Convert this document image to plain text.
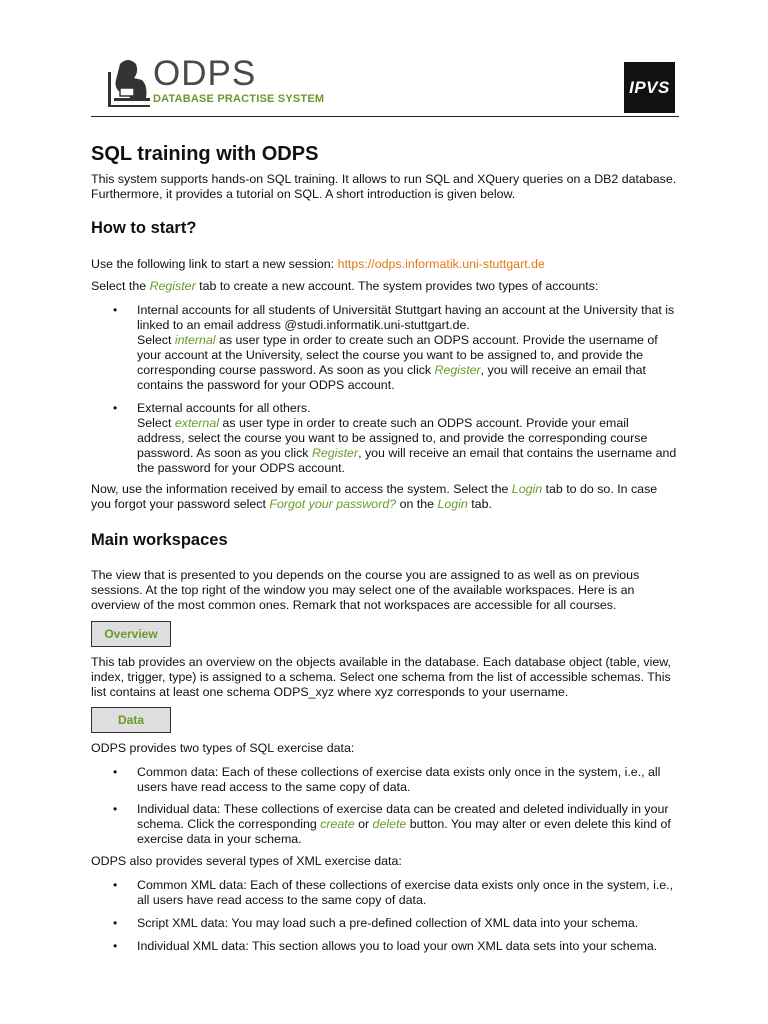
ODPS
DATABASE PRACTISE SYSTEM
IPVS
SQL training with ODPS

This system supports hands-on SQL training. It allows to run SQL and XQuery queries on a DB2 database. Furthermore, it provides a tutorial on SQL. A short introduction is given below.

How to start?

Use the following link to start a new session: https://odps.informatik.uni-stuttgart.de

Select the Register tab to create a new account. The system provides two types of accounts:

• Internal accounts for all students of Universität Stuttgart having an account at the University that is linked to an email address @studi.informatik.uni-stuttgart.de.
Select internal as user type in order to create such an ODPS account. Provide the username of your account at the University, select the course you want to be assigned to, and provide the corresponding course password. As soon as you click Register, you will receive an email that contains the password for your ODPS account.
• External accounts for all others.
Select external as user type in order to create such an ODPS account. Provide your email address, select the course you want to be assigned to, and provide the corresponding course password. As soon as you click Register, you will receive an email that contains the username and the password for your ODPS account.

Now, use the information received by email to access the system. Select the Login tab to do so. In case you forgot your password select Forgot your password? on the Login tab.

Main workspaces

The view that is presented to you depends on the course you are assigned to as well as on previous sessions. At the top right of the window you may select one of the available workspaces. Here is an overview of the most common ones. Remark that not workspaces are accessible for all courses.

Overview

This tab provides an overview on the objects available in the database. Each database object (table, view, index, trigger, type) is assigned to a schema. Select one schema from the list of accessible schemas. This list contains at least one schema ODPS_xyz where xyz corresponds to your username.

Data

ODPS provides two types of SQL exercise data:

• Common data: Each of these collections of exercise data exists only once in the system, i.e., all users have read access to the same copy of data.
• Individual data: These collections of exercise data can be created and deleted individually in your schema. Click the corresponding create or delete button. You may alter or even delete this kind of exercise data in your schema.

ODPS also provides several types of XML exercise data:

• Common XML data: Each of these collections of exercise data exists only once in the system, i.e., all users have read access to the same copy of data.
• Script XML data: You may load such a pre-defined collection of XML data into your schema.
• Individual XML data: This section allows you to load your own XML data sets into your schema.
